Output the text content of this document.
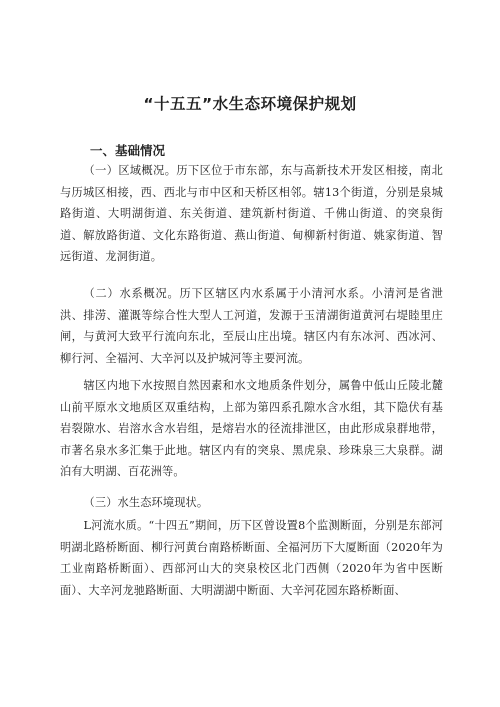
“十五五”水生态环境保护规划
一、基础情况

（一）区域概况。历下区位于市东部，东与高新技术开发区相接，南北与历城区相接，西、西北与市中区和天桥区相邻。辖13个街道，分别是泉城路街道、大明湖街道、东关街道、建筑新村街道、千佛山街道、的突泉街道、解放路街道、文化东路街道、燕山街道、甸柳新村街道、姚家街道、智远街道、龙洞街道。

（二）水系概况。历下区辖区内水系属于小清河水系。小清河是省泄洪、排涝、灌溉等综合性大型人工河道，发源于玉清湖街道黄河右堤睦里庄闸，与黄河大致平行流向东北，至辰山庄出境。辖区内有东冰河、西冰河、柳行河、全福河、大辛河以及护城河等主要河流。

辖区内地下水按照自然因素和水文地质条件划分，属鲁中低山丘陵北麓山前平原水文地质区双重结构，上部为第四系孔隙水含水组，其下隐伏有基岩裂隙水、岩溶水含水岩组，是熔岩水的径流排泄区，由此形成泉群地带，市著名泉水多汇集于此地。辖区内有的突泉、黑虎泉、珍珠泉三大泉群。湖泊有大明湖、百花洲等。

（三）水生态环境现状。

L河流水质。“十四五”期间，历下区曾设置8个监测断面，分别是东部河明湖北路桥断面、柳行河黄台南路桥断面、全福河历下大厦断面（2020年为工业南路桥断面）、西部河山大的突泉校区北门西侧（2020年为省中医断面）、大辛河龙驰路断面、大明湖湖中断面、大辛河花园东路桥断面、
